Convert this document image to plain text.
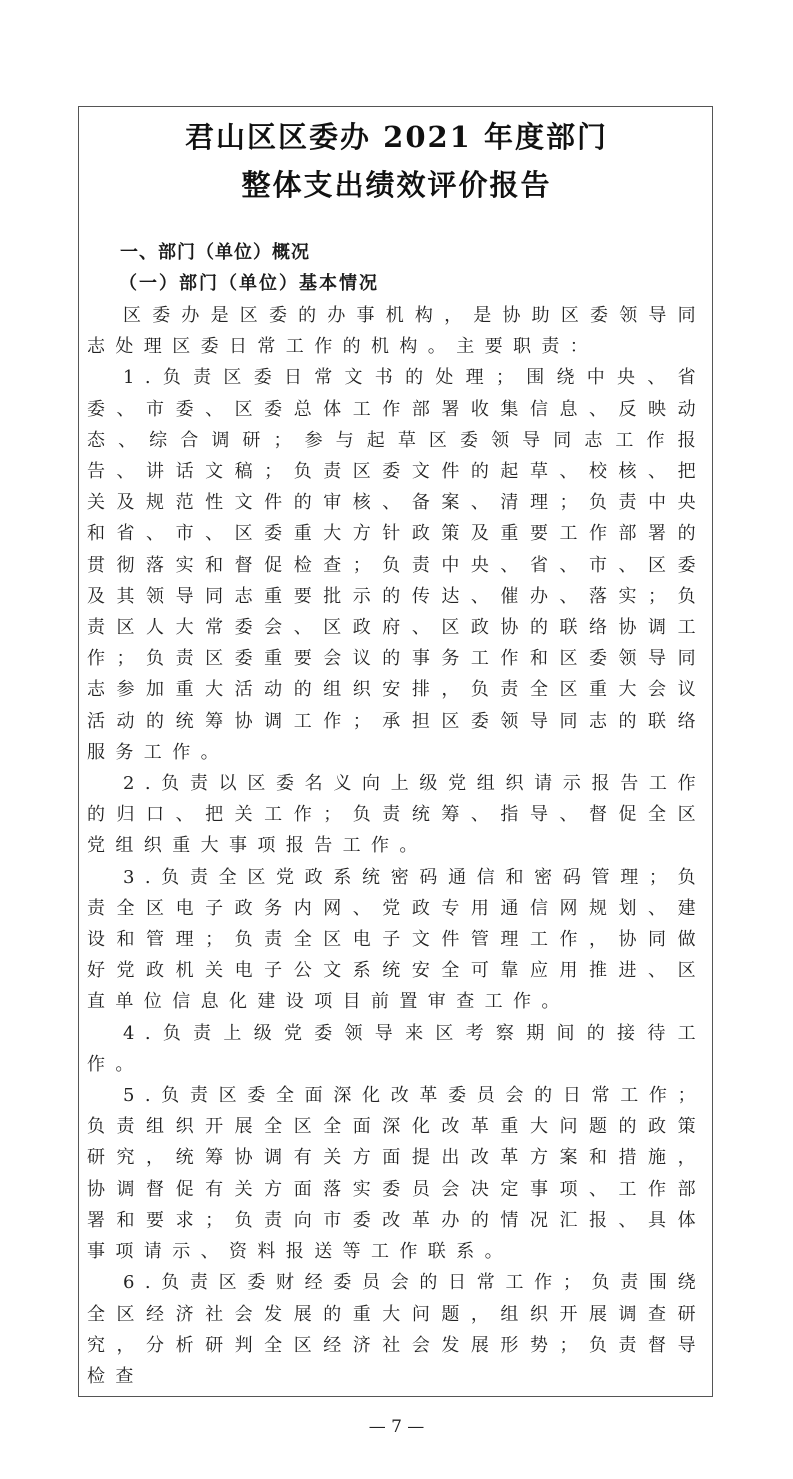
君山区区委办 2021 年度部门
整体支出绩效评价报告
一、部门（单位）概况
（一）部门（单位）基本情况

区委办是区委的办事机构，是协助区委领导同志处理区委日常工作的机构。主要职责：

1.负责区委日常文书的处理；围绕中央、省委、市委、区委总体工作部署收集信息、反映动态、综合调研；参与起草区委领导同志工作报告、讲话文稿；负责区委文件的起草、校核、把关及规范性文件的审核、备案、清理；负责中央和省、市、区委重大方针政策及重要工作部署的贯彻落实和督促检查；负责中央、省、市、区委及其领导同志重要批示的传达、催办、落实；负责区人大常委会、区政府、区政协的联络协调工作；负责区委重要会议的事务工作和区委领导同志参加重大活动的组织安排，负责全区重大会议活动的统筹协调工作；承担区委领导同志的联络服务工作。

2.负责以区委名义向上级党组织请示报告工作的归口、把关工作；负责统筹、指导、督促全区党组织重大事项报告工作。

3.负责全区党政系统密码通信和密码管理；负责全区电子政务内网、党政专用通信网规划、建设和管理；负责全区电子文件管理工作，协同做好党政机关电子公文系统安全可靠应用推进、区直单位信息化建设项目前置审查工作。

4.负责上级党委领导来区考察期间的接待工作。

5.负责区委全面深化改革委员会的日常工作；负责组织开展全区全面深化改革重大问题的政策研究，统筹协调有关方面提出改革方案和措施，协调督促有关方面落实委员会决定事项、工作部署和要求；负责向市委改革办的情况汇报、具体事项请示、资料报送等工作联系。

6.负责区委财经委员会的日常工作；负责围绕全区经济社会发展的重大问题，组织开展调查研究，分析研判全区经济社会发展形势；负责督导检查

— 7 —
